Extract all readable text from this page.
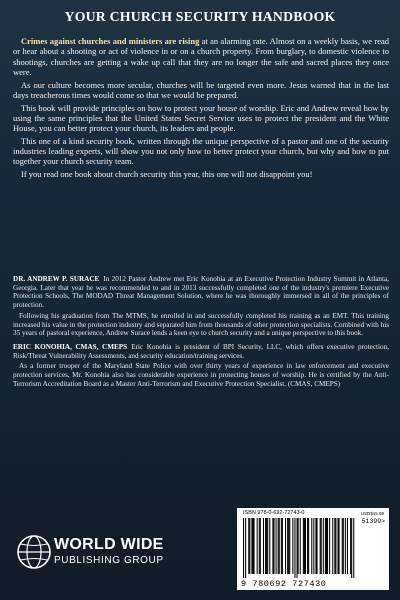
YOUR CHURCH SECURITY HANDBOOK

Crimes against churches and ministers are rising at an alarming rate. Almost on a weekly basis, we read or hear about a shooting or act of violence in or on a church property. From burglary, to domestic violence to shootings, churches are getting a wake up call that they are no longer the safe and sacred places they once were.

As our culture becomes more secular, churches will be targeted even more. Jesus warned that in the last days treacherous times would come so that we would be prepared.

This book will provide principles on how to protect your house of worship. Eric and Andrew reveal how by using the same principles that the United States Secret Service uses to protect the president and the White House, you can better protect your church, its leaders and people.

This one of a kind security book, written through the unique perspective of a pastor and one of the security industries leading experts, will show you not only how to better protect your church, but why and how to put together your church security team.

If you read one book about church security this year, this one will not disappoint you!

DR. ANDREW P. SURACE In 2012 Pastor Andrew met Eric Konohia at an Executive Protection Industry Summit in Atlanta, Georgia. Later that year he was recommended to and in 2013 successfully completed one of the industry's premiere Executive Protection Schools, The MODAD Threat Management Solution, where he was thoroughly immersed in all of the principles of protection.

Following his graduation from The MTMS, he enrolled in and successfully completed his training as an EMT. This training increased his value in the protection industry and separated him from thousands of other protection specialists. Combined with his 35 years of pastoral experience, Andrew Surace lends a keen eye to church security and a unique perspective to this book.

ERIC KONOHIA, CMAS, CMEPS Eric Konohia is president of BPI Security, LLC, which offers executive protection, Risk/Threat Vulnerability Assessments, and security education/training services.

As a former trooper of the Maryland State Police with over thirty years of experience in law enforcement and executive protection services, Mr. Konohia also has considerable experience in protecting houses of worship. He is certified by the Anti-Terrorism Accreditation Board as a Master Anti-Terrorism and Executive Protection Specialist. (CMAS, CMEPS)

WORLD WIDE
PUBLISHING GROUP
ISBN 978-0-692-72743-0	USD$15.99
51399>
9 780692 727430
